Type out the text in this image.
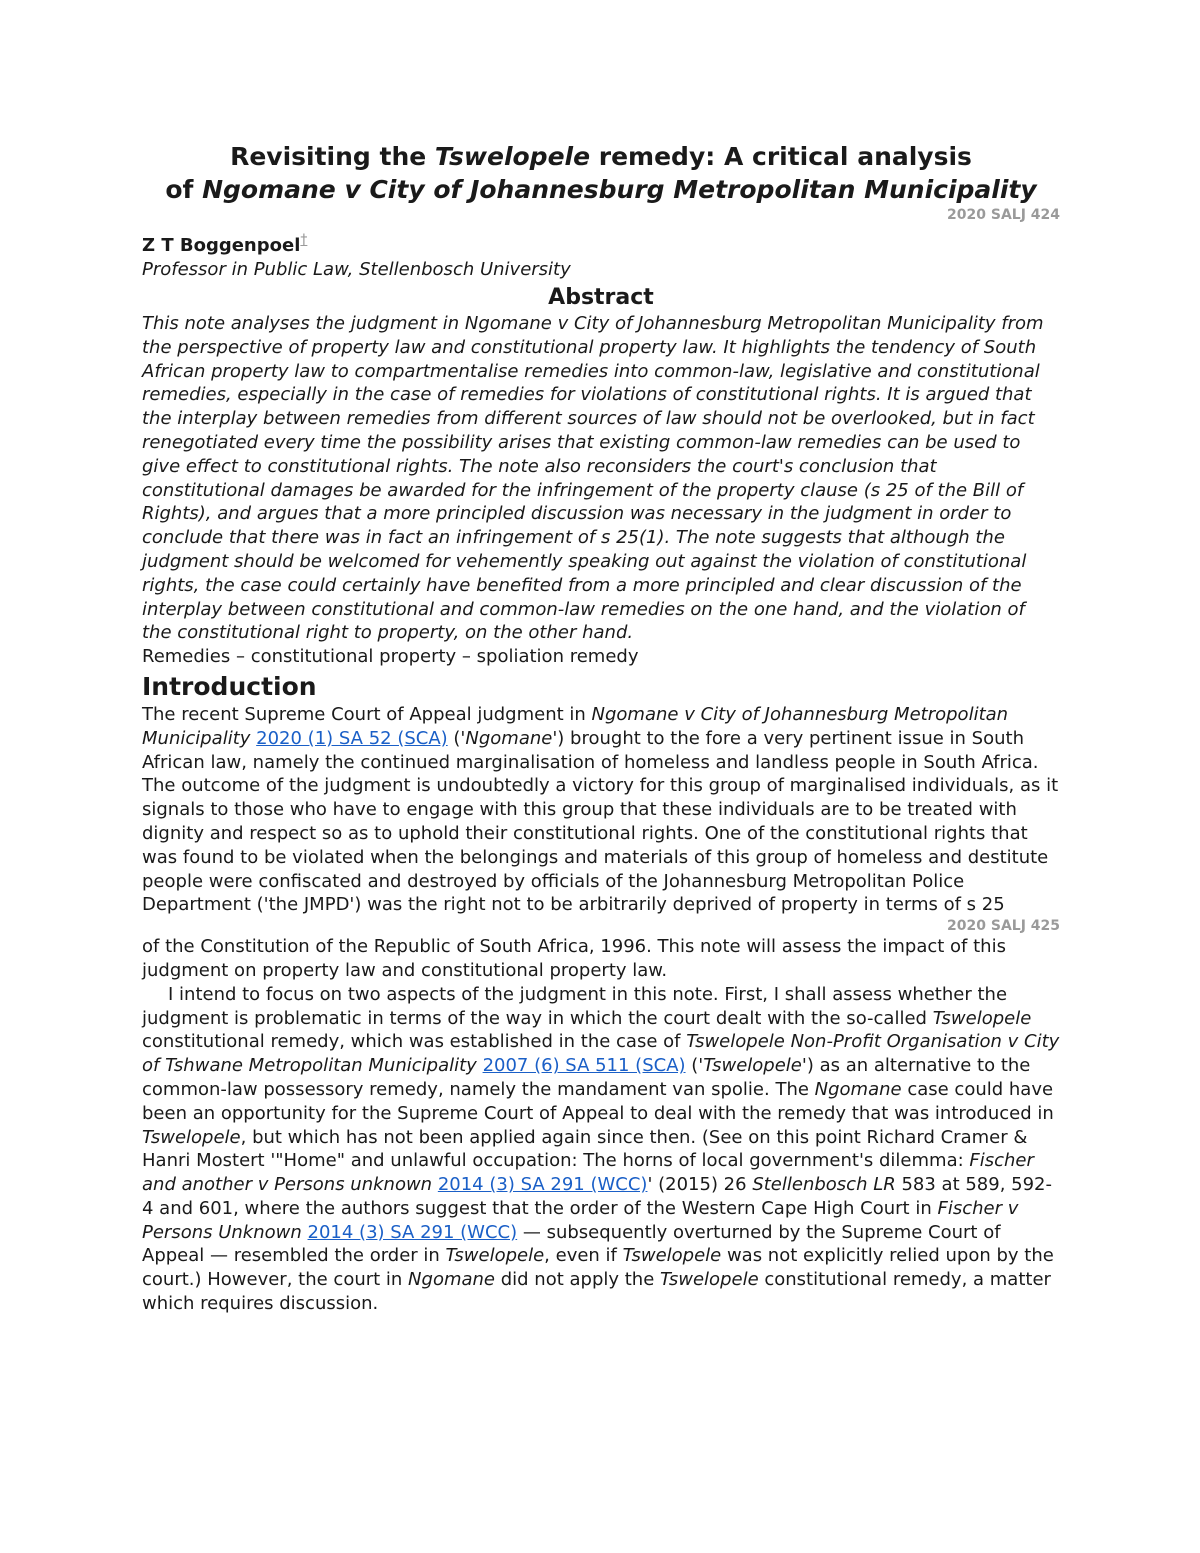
Revisiting the Tswelopele remedy: A critical analysis

of Ngomane v City of Johannesburg Metropolitan Municipality

2020 SALJ 424

Z T Boggenpoel†

Professor in Public Law, Stellenbosch University

Abstract

This note analyses the judgment in Ngomane v City of Johannesburg Metropolitan Municipality from the perspective of property law and constitutional property law. It highlights the tendency of South African property law to compartmentalise remedies into common-law, legislative and constitutional remedies, especially in the case of remedies for violations of constitutional rights. It is argued that the interplay between remedies from different sources of law should not be overlooked, but in fact renegotiated every time the possibility arises that existing common-law remedies can be used to give effect to constitutional rights. The note also reconsiders the court's conclusion that constitutional damages be awarded for the infringement of the property clause (s 25 of the Bill of Rights), and argues that a more principled discussion was necessary in the judgment in order to conclude that there was in fact an infringement of s 25(1). The note suggests that although the judgment should be welcomed for vehemently speaking out against the violation of constitutional rights, the case could certainly have benefited from a more principled and clear discussion of the interplay between constitutional and common-law remedies on the one hand, and the violation of the constitutional right to property, on the other hand.

Remedies – constitutional property – spoliation remedy

Introduction

The recent Supreme Court of Appeal judgment in Ngomane v City of Johannesburg Metropolitan Municipality 2020 (1) SA 52 (SCA) ('Ngomane') brought to the fore a very pertinent issue in South African law, namely the continued marginalisation of homeless and landless people in South Africa. The outcome of the judgment is undoubtedly a victory for this group of marginalised individuals, as it signals to those who have to engage with this group that these individuals are to be treated with dignity and respect so as to uphold their constitutional rights. One of the constitutional rights that was found to be violated when the belongings and materials of this group of homeless and destitute people were confiscated and destroyed by officials of the Johannesburg Metropolitan Police Department ('the JMPD') was the right not to be arbitrarily deprived of property in terms of s 25

2020 SALJ 425

of the Constitution of the Republic of South Africa, 1996. This note will assess the impact of this judgment on property law and constitutional property law.

I intend to focus on two aspects of the judgment in this note. First, I shall assess whether the judgment is problematic in terms of the way in which the court dealt with the so-called Tswelopele constitutional remedy, which was established in the case of Tswelopele Non-Profit Organisation v City of Tshwane Metropolitan Municipality 2007 (6) SA 511 (SCA) ('Tswelopele') as an alternative to the common-law possessory remedy, namely the mandament van spolie. The Ngomane case could have been an opportunity for the Supreme Court of Appeal to deal with the remedy that was introduced in Tswelopele, but which has not been applied again since then. (See on this point Richard Cramer & Hanri Mostert '"Home" and unlawful occupation: The horns of local government's dilemma: Fischer and another v Persons unknown 2014 (3) SA 291 (WCC)' (2015) 26 Stellenbosch LR 583 at 589, 592-4 and 601, where the authors suggest that the order of the Western Cape High Court in Fischer v Persons Unknown 2014 (3) SA 291 (WCC) — subsequently overturned by the Supreme Court of Appeal — resembled the order in Tswelopele, even if Tswelopele was not explicitly relied upon by the court.) However, the court in Ngomane did not apply the Tswelopele constitutional remedy, a matter which requires discussion.
